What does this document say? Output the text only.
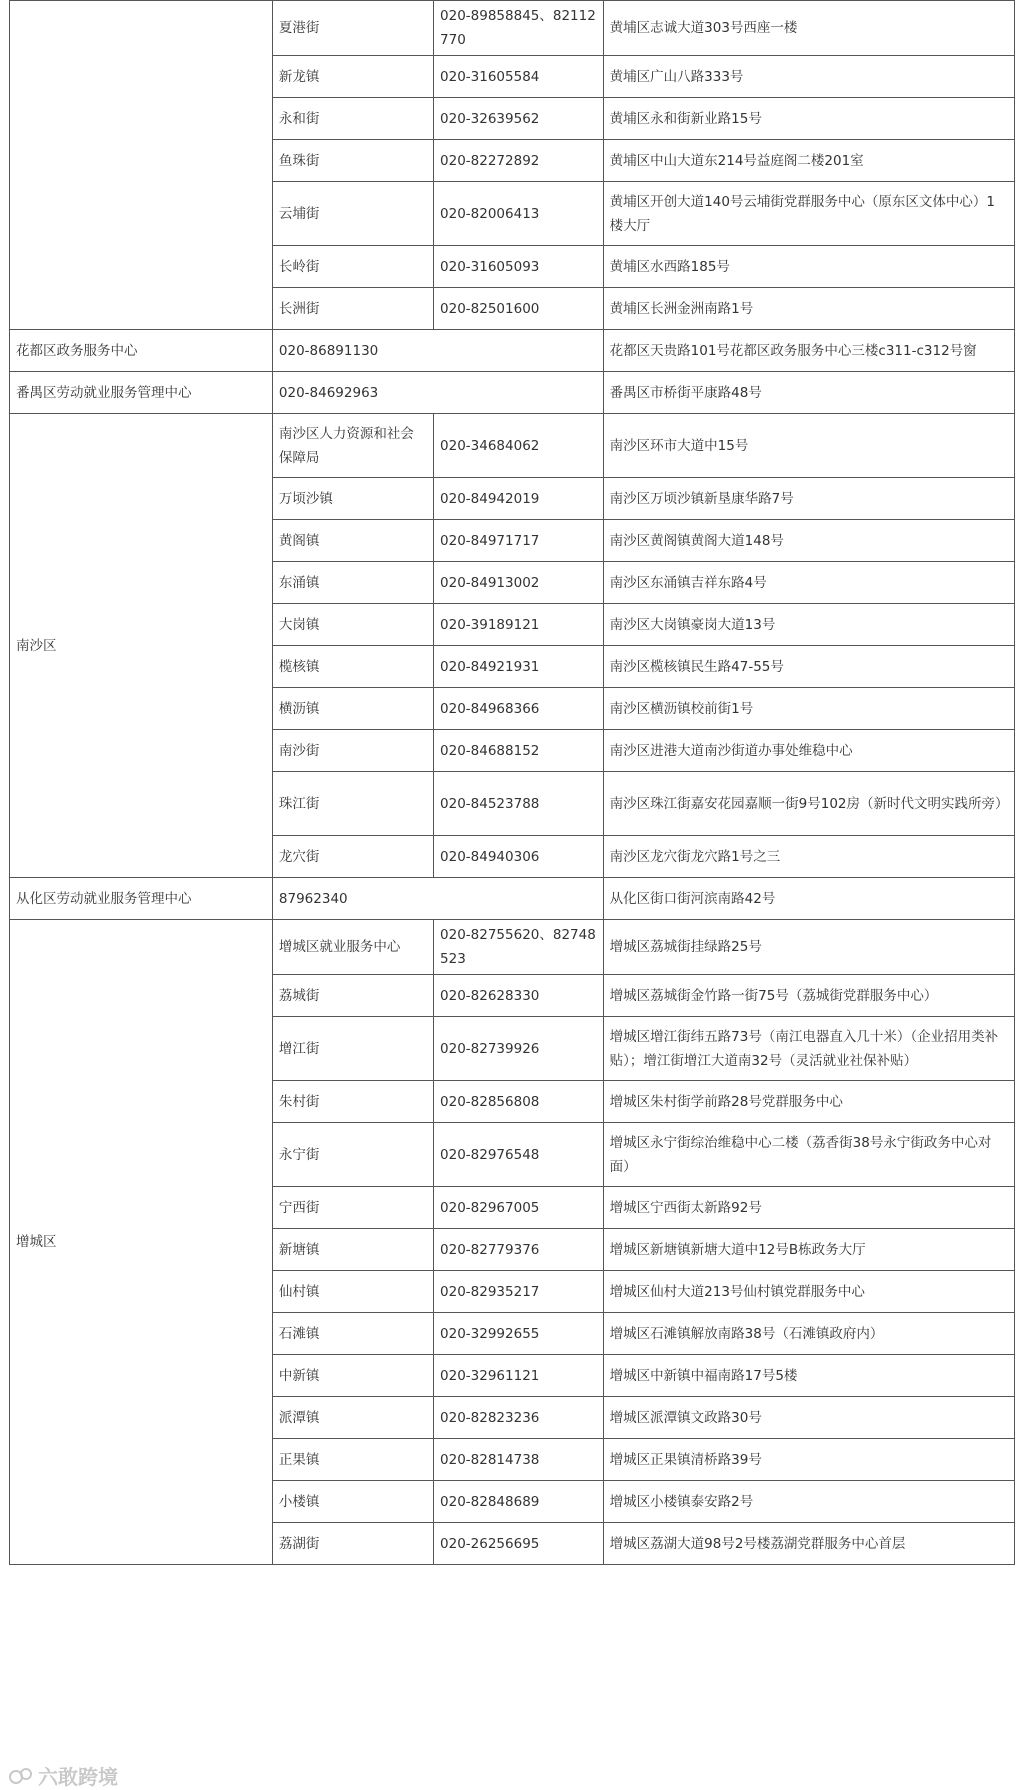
	夏港街	020-89858845、82112770	黄埔区志诚大道303号西座一楼
	新龙镇	020-31605584	黄埔区广山八路333号
	永和街	020-32639562	黄埔区永和街新业路15号
	鱼珠街	020-82272892	黄埔区中山大道东214号益庭阁二楼201室
	云埔街	020-82006413	黄埔区开创大道140号云埔街党群服务中心（原东区文体中心）1楼大厅
	长岭街	020-31605093	黄埔区水西路185号
	长洲街	020-82501600	黄埔区长洲金洲南路1号
花都区政务服务中心	020-86891130		花都区天贵路101号花都区政务服务中心三楼c311-c312号窗
番禺区劳动就业服务管理中心	020-84692963		番禺区市桥街平康路48号
南沙区	南沙区人力资源和社会保障局	020-34684062	南沙区环市大道中15号
	万顷沙镇	020-84942019	南沙区万顷沙镇新垦康华路7号
	黄阁镇	020-84971717	南沙区黄阁镇黄阁大道148号
	东涌镇	020-84913002	南沙区东涌镇吉祥东路4号
	大岗镇	020-39189121	南沙区大岗镇豪岗大道13号
	榄核镇	020-84921931	南沙区榄核镇民生路47-55号
	横沥镇	020-84968366	南沙区横沥镇校前街1号
	南沙街	020-84688152	南沙区进港大道南沙街道办事处维稳中心
	珠江街	020-84523788	南沙区珠江街嘉安花园嘉顺一街9号102房（新时代文明实践所旁）
	龙穴街	020-84940306	南沙区龙穴街龙穴路1号之三
从化区劳动就业服务管理中心	87962340		从化区街口街河滨南路42号
增城区	增城区就业服务中心	020-82755620、82748523	增城区荔城街挂绿路25号
	荔城街	020-82628330	增城区荔城街金竹路一街75号（荔城街党群服务中心）
	增江街	020-82739926	增城区增江街纬五路73号（南江电器直入几十米）（企业招用类补贴）；增江街增江大道南32号（灵活就业社保补贴）
	朱村街	020-82856808	增城区朱村街学前路28号党群服务中心
	永宁街	020-82976548	增城区永宁街综治维稳中心二楼（荔香街38号永宁街政务中心对面）
	宁西街	020-82967005	增城区宁西街太新路92号
	新塘镇	020-82779376	增城区新塘镇新塘大道中12号B栋政务大厅
	仙村镇	020-82935217	增城区仙村大道213号仙村镇党群服务中心
	石滩镇	020-32992655	增城区石滩镇解放南路38号（石滩镇政府内）
	中新镇	020-32961121	增城区中新镇中福南路17号5楼
	派潭镇	020-82823236	增城区派潭镇文政路30号
	正果镇	020-82814738	增城区正果镇清桥路39号
	小楼镇	020-82848689	增城区小楼镇泰安路2号
	荔湖街	020-26256695	增城区荔湖大道98号2号楼荔湖党群服务中心首层
六敢跨境
